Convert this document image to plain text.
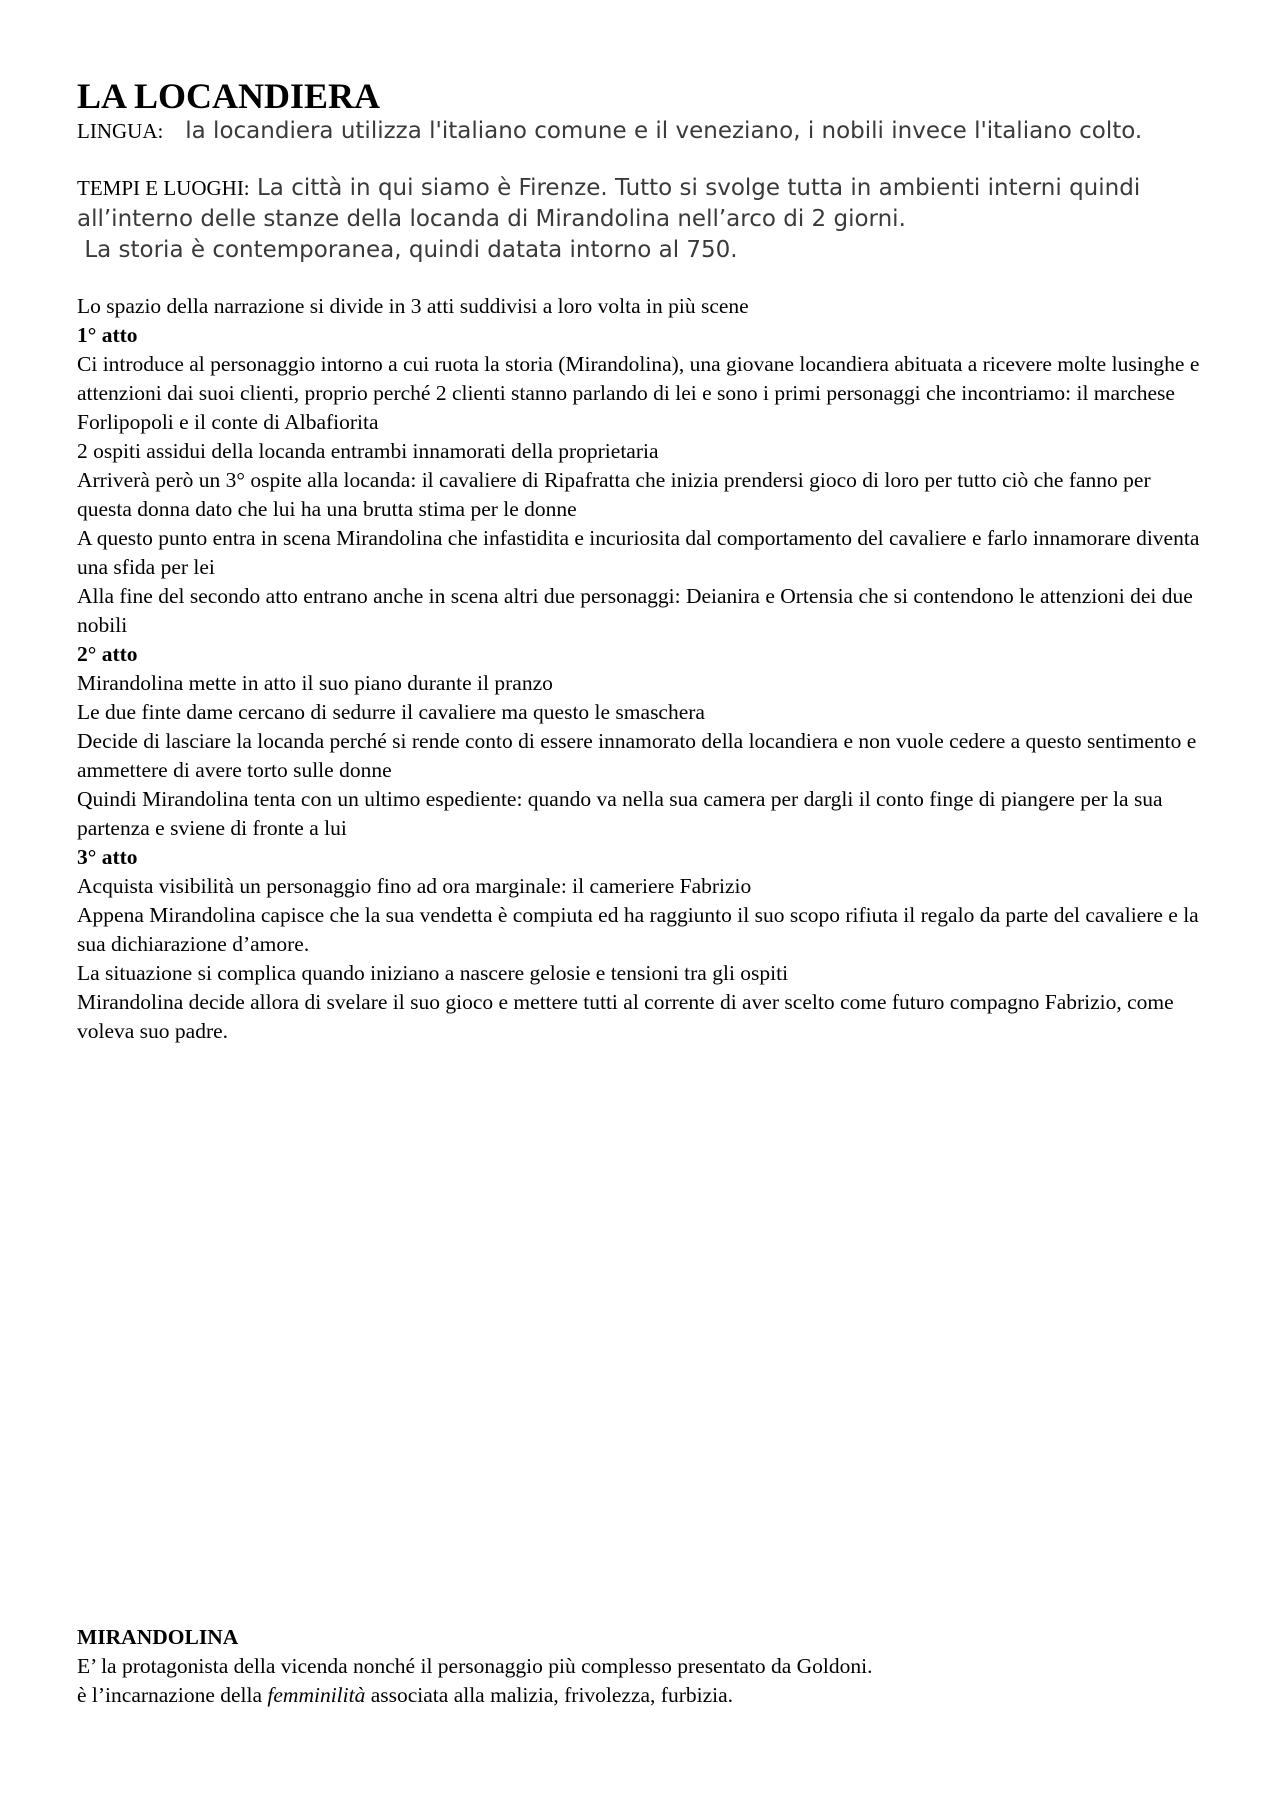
LA LOCANDIERA

LINGUA: la locandiera utilizza l'italiano comune e il veneziano, i nobili invece l'italiano colto.

TEMPI E LUOGHI: La città in qui siamo è Firenze. Tutto si svolge tutta in ambienti interni quindi all’interno delle stanze della locanda di Mirandolina nell’arco di 2 giorni.
La storia è contemporanea, quindi datata intorno al 750.

Lo spazio della narrazione si divide in 3 atti suddivisi a loro volta in più scene

1° atto

Ci introduce al personaggio intorno a cui ruota la storia (Mirandolina), una giovane locandiera abituata a ricevere molte lusinghe e attenzioni dai suoi clienti, proprio perché 2 clienti stanno parlando di lei e sono i primi personaggi che incontriamo: il marchese Forlipopoli e il conte di Albafiorita

2 ospiti assidui della locanda entrambi innamorati della proprietaria

Arriverà però un 3° ospite alla locanda: il cavaliere di Ripafratta che inizia prendersi gioco di loro per tutto ciò che fanno per questa donna dato che lui ha una brutta stima per le donne

A questo punto entra in scena Mirandolina che infastidita e incuriosita dal comportamento del cavaliere e farlo innamorare diventa una sfida per lei

Alla fine del secondo atto entrano anche in scena altri due personaggi: Deianira e Ortensia che si contendono le attenzioni dei due nobili

2° atto

Mirandolina mette in atto il suo piano durante il pranzo

Le due finte dame cercano di sedurre il cavaliere ma questo le smaschera

Decide di lasciare la locanda perché si rende conto di essere innamorato della locandiera e non vuole cedere a questo sentimento e ammettere di avere torto sulle donne

Quindi Mirandolina tenta con un ultimo espediente: quando va nella sua camera per dargli il conto finge di piangere per la sua partenza e sviene di fronte a lui

3° atto

Acquista visibilità un personaggio fino ad ora marginale: il cameriere Fabrizio

Appena Mirandolina capisce che la sua vendetta è compiuta ed ha raggiunto il suo scopo rifiuta il regalo da parte del cavaliere e la sua dichiarazione d’amore.

La situazione si complica quando iniziano a nascere gelosie e tensioni tra gli ospiti

Mirandolina decide allora di svelare il suo gioco e mettere tutti al corrente di aver scelto come futuro compagno Fabrizio, come voleva suo padre.

MIRANDOLINA

E’ la protagonista della vicenda nonché il personaggio più complesso presentato da Goldoni.

è l’incarnazione della femminilità associata alla malizia, frivolezza, furbizia.
